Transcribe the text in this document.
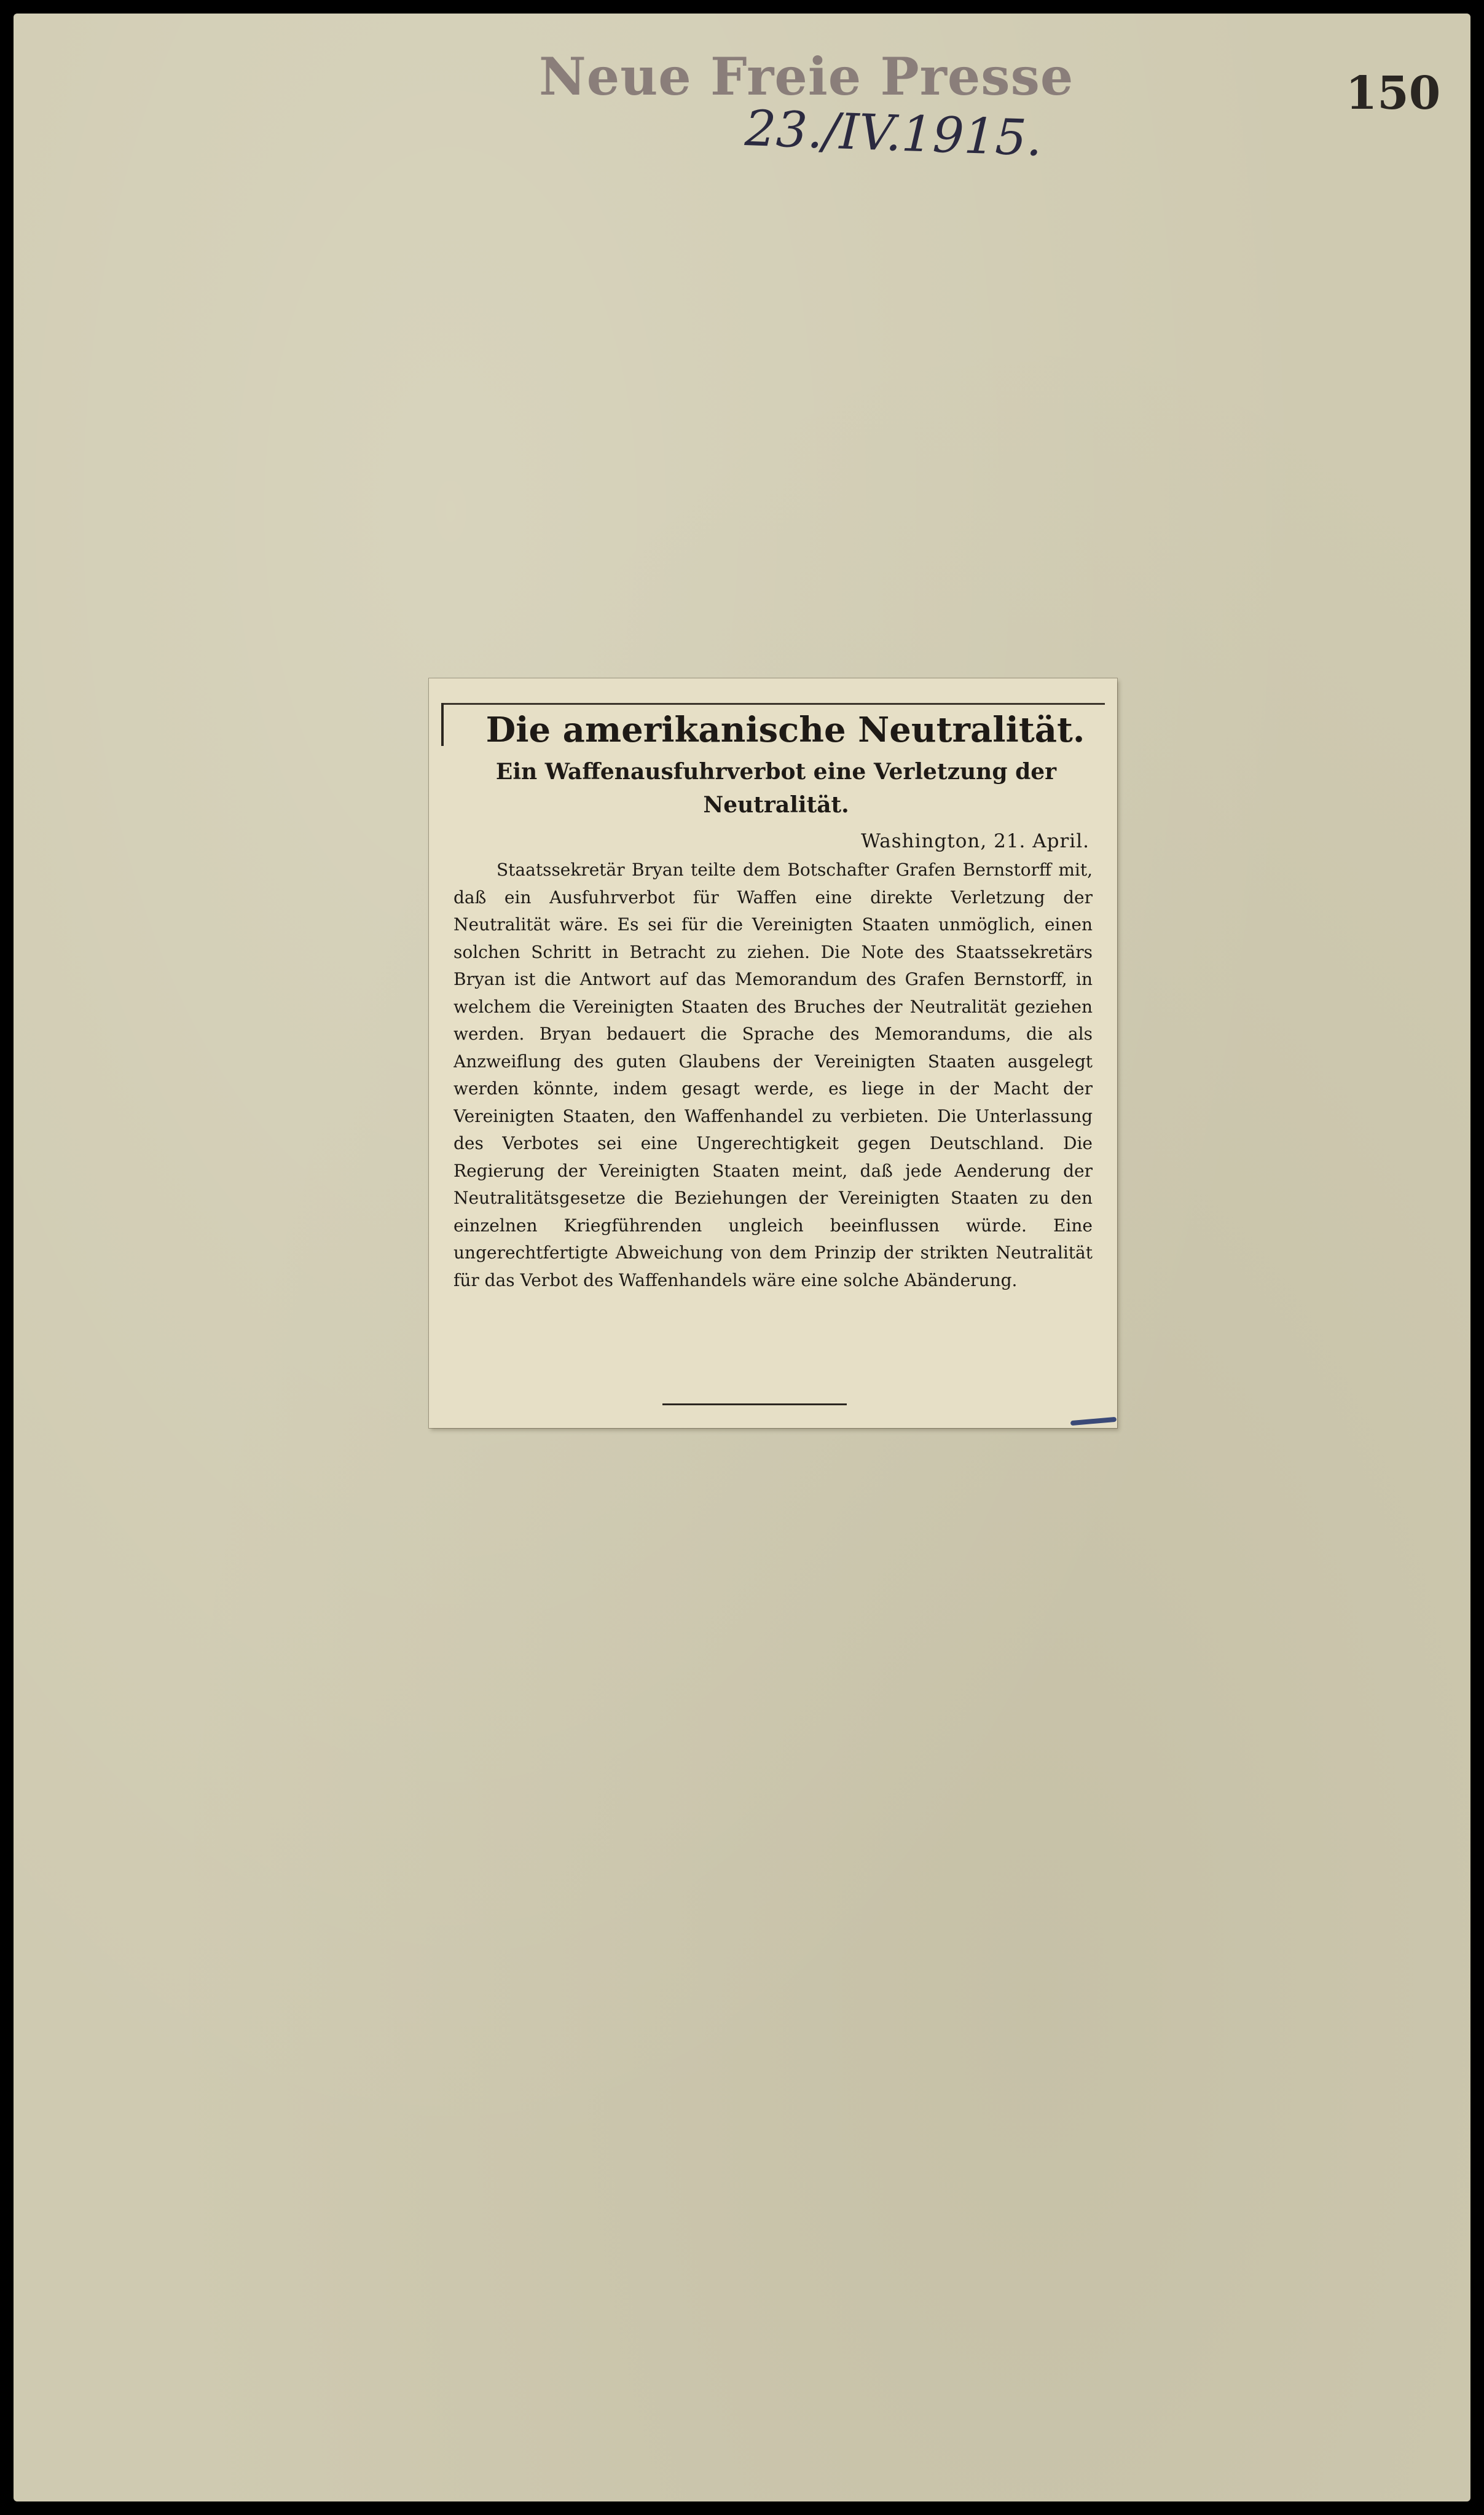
Neue Freie Presse	150
23./IV.1915.
Die amerikanische Neutralität.
Ein Waffenausfuhrverbot eine Verletzung der Neutralität.
Washington, 21. April.
Staatssekretär Bryan teilte dem Botschafter Grafen Bernstorff mit, daß ein Ausfuhrverbot für Waffen eine direkte Verletzung der Neutralität wäre. Es sei für die Vereinigten Staaten unmöglich, einen solchen Schritt in Betracht zu ziehen. Die Note des Staatssekretärs Bryan ist die Antwort auf das Memorandum des Grafen Bernstorff, in welchem die Vereinigten Staaten des Bruches der Neutralität geziehen werden. Bryan bedauert die Sprache des Memorandums, die als Anzweiflung des guten Glaubens der Vereinigten Staaten ausgelegt werden könnte, indem gesagt werde, es liege in der Macht der Vereinigten Staaten, den Waffenhandel zu verbieten. Die Unterlassung des Verbotes sei eine Ungerechtigkeit gegen Deutschland. Die Regierung der Vereinigten Staaten meint, daß jede Aenderung der Neutralitätsgesetze die Beziehungen der Vereinigten Staaten zu den einzelnen Kriegführenden ungleich beeinflussen würde. Eine ungerechtfertigte Abweichung von dem Prinzip der strikten Neutralität für das Verbot des Waffenhandels wäre eine solche Abänderung.
